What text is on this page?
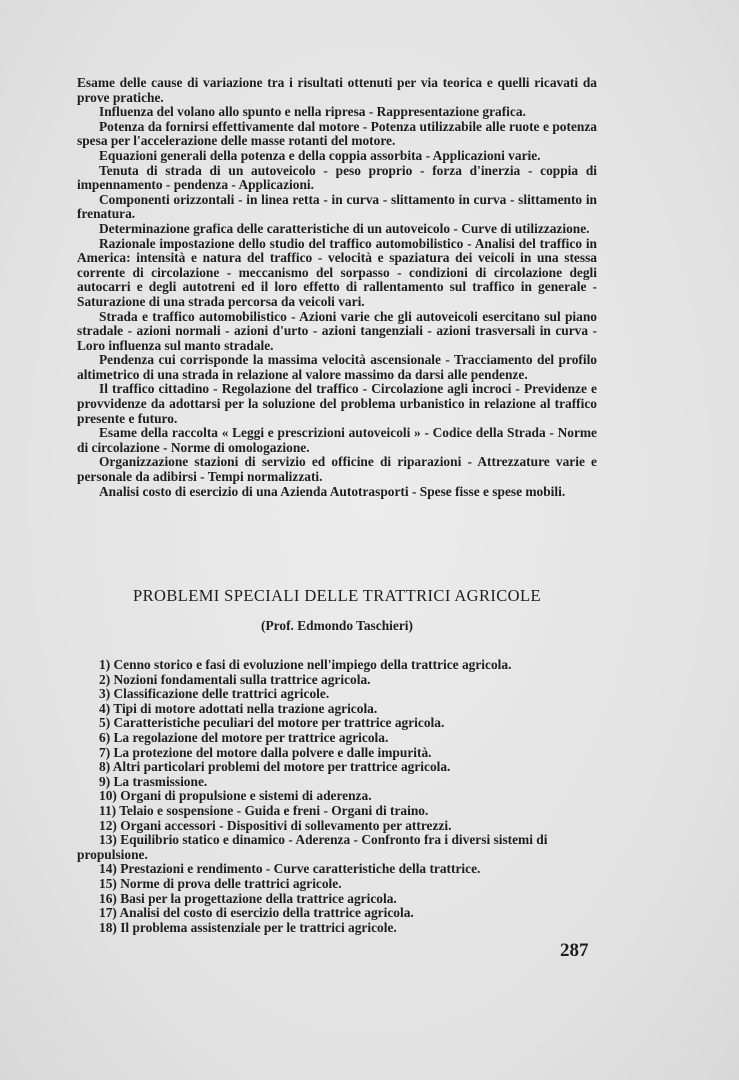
Esame delle cause di variazione tra i risultati ottenuti per via teorica e quelli ricavati da prove pratiche.

Influenza del volano allo spunto e nella ripresa - Rappresentazione grafica.

Potenza da fornirsi effettivamente dal motore - Potenza utilizzabile alle ruote e potenza spesa per l'accelerazione delle masse rotanti del motore.

Equazioni generali della potenza e della coppia assorbita - Applicazioni varie.

Tenuta di strada di un autoveicolo - peso proprio - forza d'inerzia - coppia di impennamento - pendenza - Applicazioni.

Componenti orizzontali - in linea retta - in curva - slittamento in curva - slittamento in frenatura.

Determinazione grafica delle caratteristiche di un autoveicolo - Curve di utilizzazione.

Razionale impostazione dello studio del traffico automobilistico - Analisi del traffico in America: intensità e natura del traffico - velocità e spaziatura dei veicoli in una stessa corrente di circolazione - meccanismo del sorpasso - condizioni di circolazione degli autocarri e degli autotreni ed il loro effetto di rallentamento sul traffico in generale - Saturazione di una strada percorsa da veicoli vari.

Strada e traffico automobilistico - Azioni varie che gli autoveicoli esercitano sul piano stradale - azioni normali - azioni d'urto - azioni tangenziali - azioni trasversali in curva - Loro influenza sul manto stradale.

Pendenza cui corrisponde la massima velocità ascensionale - Tracciamento del profilo altimetrico di una strada in relazione al valore massimo da darsi alle pendenze.

Il traffico cittadino - Regolazione del traffico - Circolazione agli incroci - Previdenze e provvidenze da adottarsi per la soluzione del problema urbanistico in relazione al traffico presente e futuro.

Esame della raccolta « Leggi e prescrizioni autoveicoli » - Codice della Strada - Norme di circolazione - Norme di omologazione.

Organizzazione stazioni di servizio ed officine di riparazioni - Attrezzature varie e personale da adibirsi - Tempi normalizzati.

Analisi costo di esercizio di una Azienda Autotrasporti - Spese fisse e spese mobili.

PROBLEMI SPECIALI DELLE TRATTRICI AGRICOLE
(Prof. Edmondo Taschieri)
1) Cenno storico e fasi di evoluzione nell'impiego della trattrice agricola.
2) Nozioni fondamentali sulla trattrice agricola.
3) Classificazione delle trattrici agricole.
4) Tipi di motore adottati nella trazione agricola.
5) Caratteristiche peculiari del motore per trattrice agricola.
6) La regolazione del motore per trattrice agricola.
7) La protezione del motore dalla polvere e dalle impurità.
8) Altri particolari problemi del motore per trattrice agricola.
9) La trasmissione.
10) Organi di propulsione e sistemi di aderenza.
11) Telaio e sospensione - Guida e freni - Organi di traino.
12) Organi accessori - Dispositivi di sollevamento per attrezzi.
13) Equilibrio statico e dinamico - Aderenza - Confronto fra i diversi sistemi di propulsione.
14) Prestazioni e rendimento - Curve caratteristiche della trattrice.
15) Norme di prova delle trattrici agricole.
16) Basi per la progettazione della trattrice agricola.
17) Analisi del costo di esercizio della trattrice agricola.
18) Il problema assistenziale per le trattrici agricole.
287
